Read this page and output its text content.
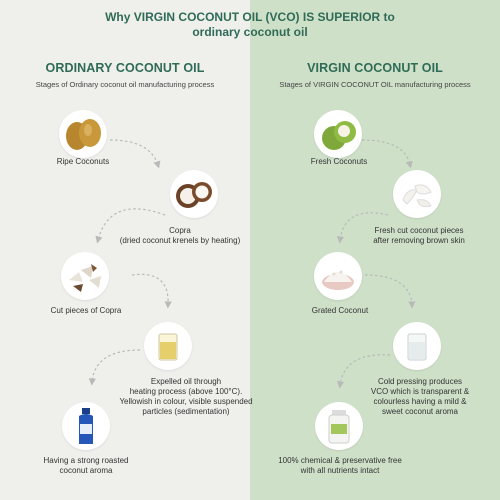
Why VIRGIN COCONUT OIL (VCO) IS SUPERIOR to
ordinary coconut oil
ORDINARY COCONUT OIL
Stages of Ordinary coconut oil manufacturing process
VIRGIN COCONUT OIL
Stages of VIRGIN COCONUT OIL manufacturing process
Ripe Coconuts
Copra
(dried coconut krenels by heating)
Cut pieces of Copra
Expelled oil through
heating process (above 100°C).
Yellowish in colour, visible suspended
particles (sedimentation)
Having a strong roasted
coconut aroma
Fresh Coconuts
Fresh cut coconut pieces
after removing brown skin
Grated Coconut
Cold pressing produces
VCO which is transparent &
colourless having a mild &
sweet coconut aroma
100% chemical & preservative free
with all nutrients intact
